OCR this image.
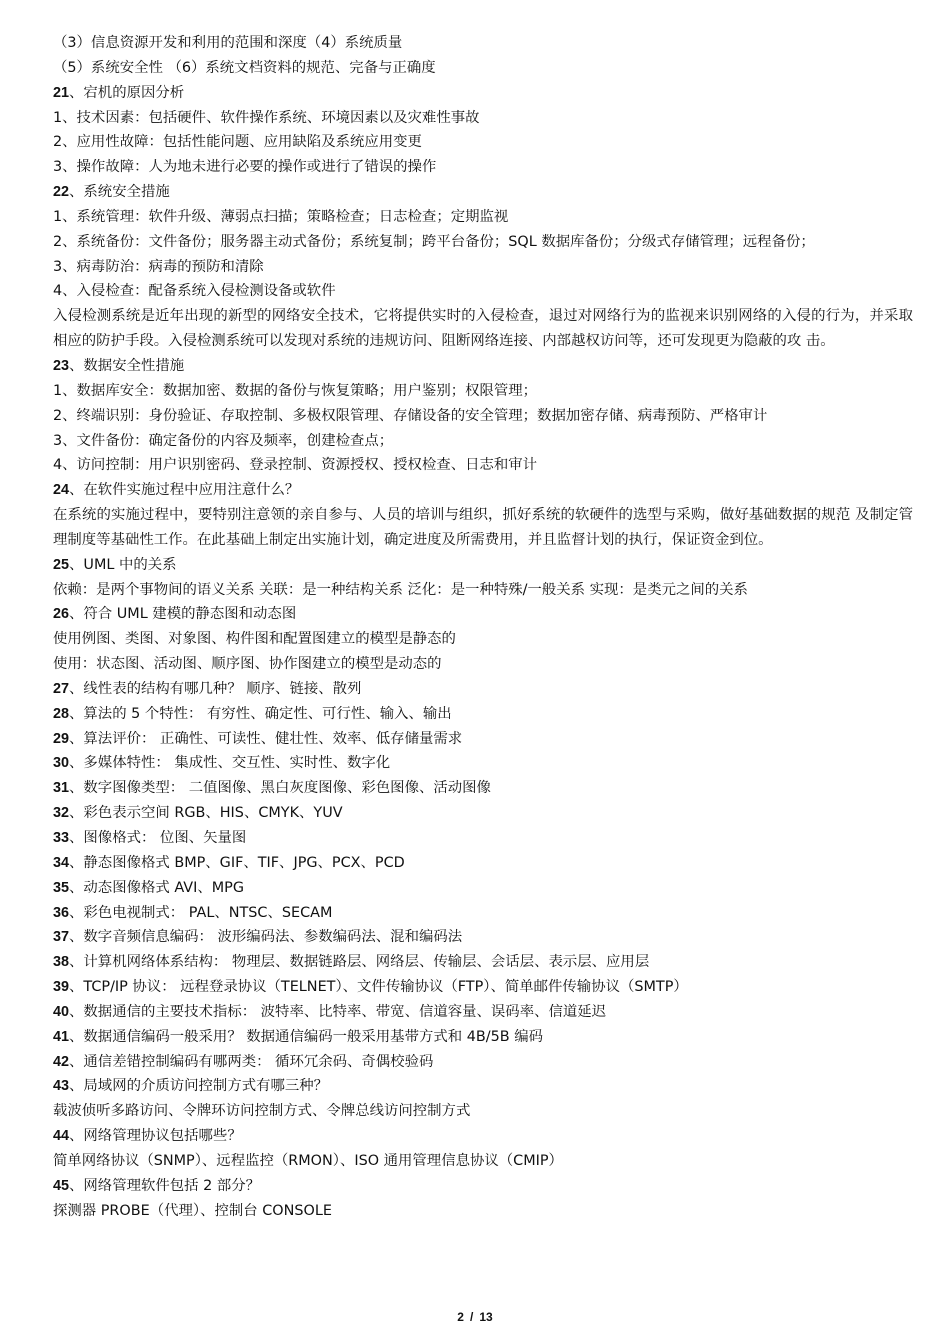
（3）信息资源开发和利用的范围和深度（4）系统质量
（5）系统安全性 （6）系统文档资料的规范、完备与正确度
21、宕机的原因分析
1、技术因素：包括硬件、软件操作系统、环境因素以及灾难性事故
2、应用性故障：包括性能问题、应用缺陷及系统应用变更
3、操作故障：人为地未进行必要的操作或进行了错误的操作
22、系统安全措施
1、系统管理：软件升级、薄弱点扫描；策略检查；日志检查；定期监视
2、系统备份：文件备份；服务器主动式备份；系统复制；跨平台备份；SQL 数据库备份；分级式存储管理；远程备份；
3、病毒防治：病毒的预防和清除
4、入侵检查：配备系统入侵检测设备或软件
入侵检测系统是近年出现的新型的网络安全技术，它将提供实时的入侵检查，退过对网络行为的监视来识别网络的入侵的行为，并采取相应的防护手段。入侵检测系统可以发现对系统的违规访问、阻断网络连接、内部越权访问等，还可发现更为隐蔽的攻 击。
23、数据安全性措施
1、数据库安全：数据加密、数据的备份与恢复策略；用户鉴别；权限管理；
2、终端识别：身份验证、存取控制、多极权限管理、存储设备的安全管理；数据加密存储、病毒预防、严格审计
3、文件备份：确定备份的内容及频率，创建检查点；
4、访问控制：用户识别密码、登录控制、资源授权、授权检查、日志和审计
24、在软件实施过程中应用注意什么？
在系统的实施过程中，要特别注意领的亲自参与、人员的培训与组织，抓好系统的软硬件的选型与采购，做好基础数据的规范 及制定管理制度等基础性工作。在此基础上制定出实施计划，确定进度及所需费用，并且监督计划的执行，保证资金到位。
25、UML 中的关系
依赖：是两个事物间的语义关系 关联：是一种结构关系 泛化：是一种特殊/一般关系 实现：是类元之间的关系
26、符合 UML 建模的静态图和动态图
使用例图、类图、对象图、构件图和配置图建立的模型是静态的
使用：状态图、活动图、顺序图、协作图建立的模型是动态的
27、线性表的结构有哪几种？ 顺序、链接、散列
28、算法的 5 个特性： 有穷性、确定性、可行性、输入、输出
29、算法评价： 正确性、可读性、健壮性、效率、低存储量需求
30、多媒体特性： 集成性、交互性、实时性、数字化
31、数字图像类型： 二值图像、黑白灰度图像、彩色图像、活动图像
32、彩色表示空间 RGB、HIS、CMYK、YUV
33、图像格式： 位图、矢量图
34、静态图像格式 BMP、GIF、TIF、JPG、PCX、PCD
35、动态图像格式 AVI、MPG
36、彩色电视制式： PAL、NTSC、SECAM
37、数字音频信息编码： 波形编码法、参数编码法、混和编码法
38、计算机网络体系结构： 物理层、数据链路层、网络层、传输层、会话层、表示层、应用层
39、TCP/IP 协议： 远程登录协议（TELNET）、文件传输协议（FTP）、简单邮件传输协议（SMTP）
40、数据通信的主要技术指标： 波特率、比特率、带宽、信道容量、误码率、信道延迟
41、数据通信编码一般采用？ 数据通信编码一般采用基带方式和 4B/5B 编码
42、通信差错控制编码有哪两类： 循环冗余码、奇偶校验码
43、局域网的介质访问控制方式有哪三种？
载波侦听多路访问、令牌环访问控制方式、令牌总线访问控制方式
44、网络管理协议包括哪些？
简单网络协议（SNMP）、远程监控（RMON）、ISO 通用管理信息协议（CMIP）
45、网络管理软件包括 2 部分？
探测器 PROBE（代理）、控制台 CONSOLE
2 / 13
